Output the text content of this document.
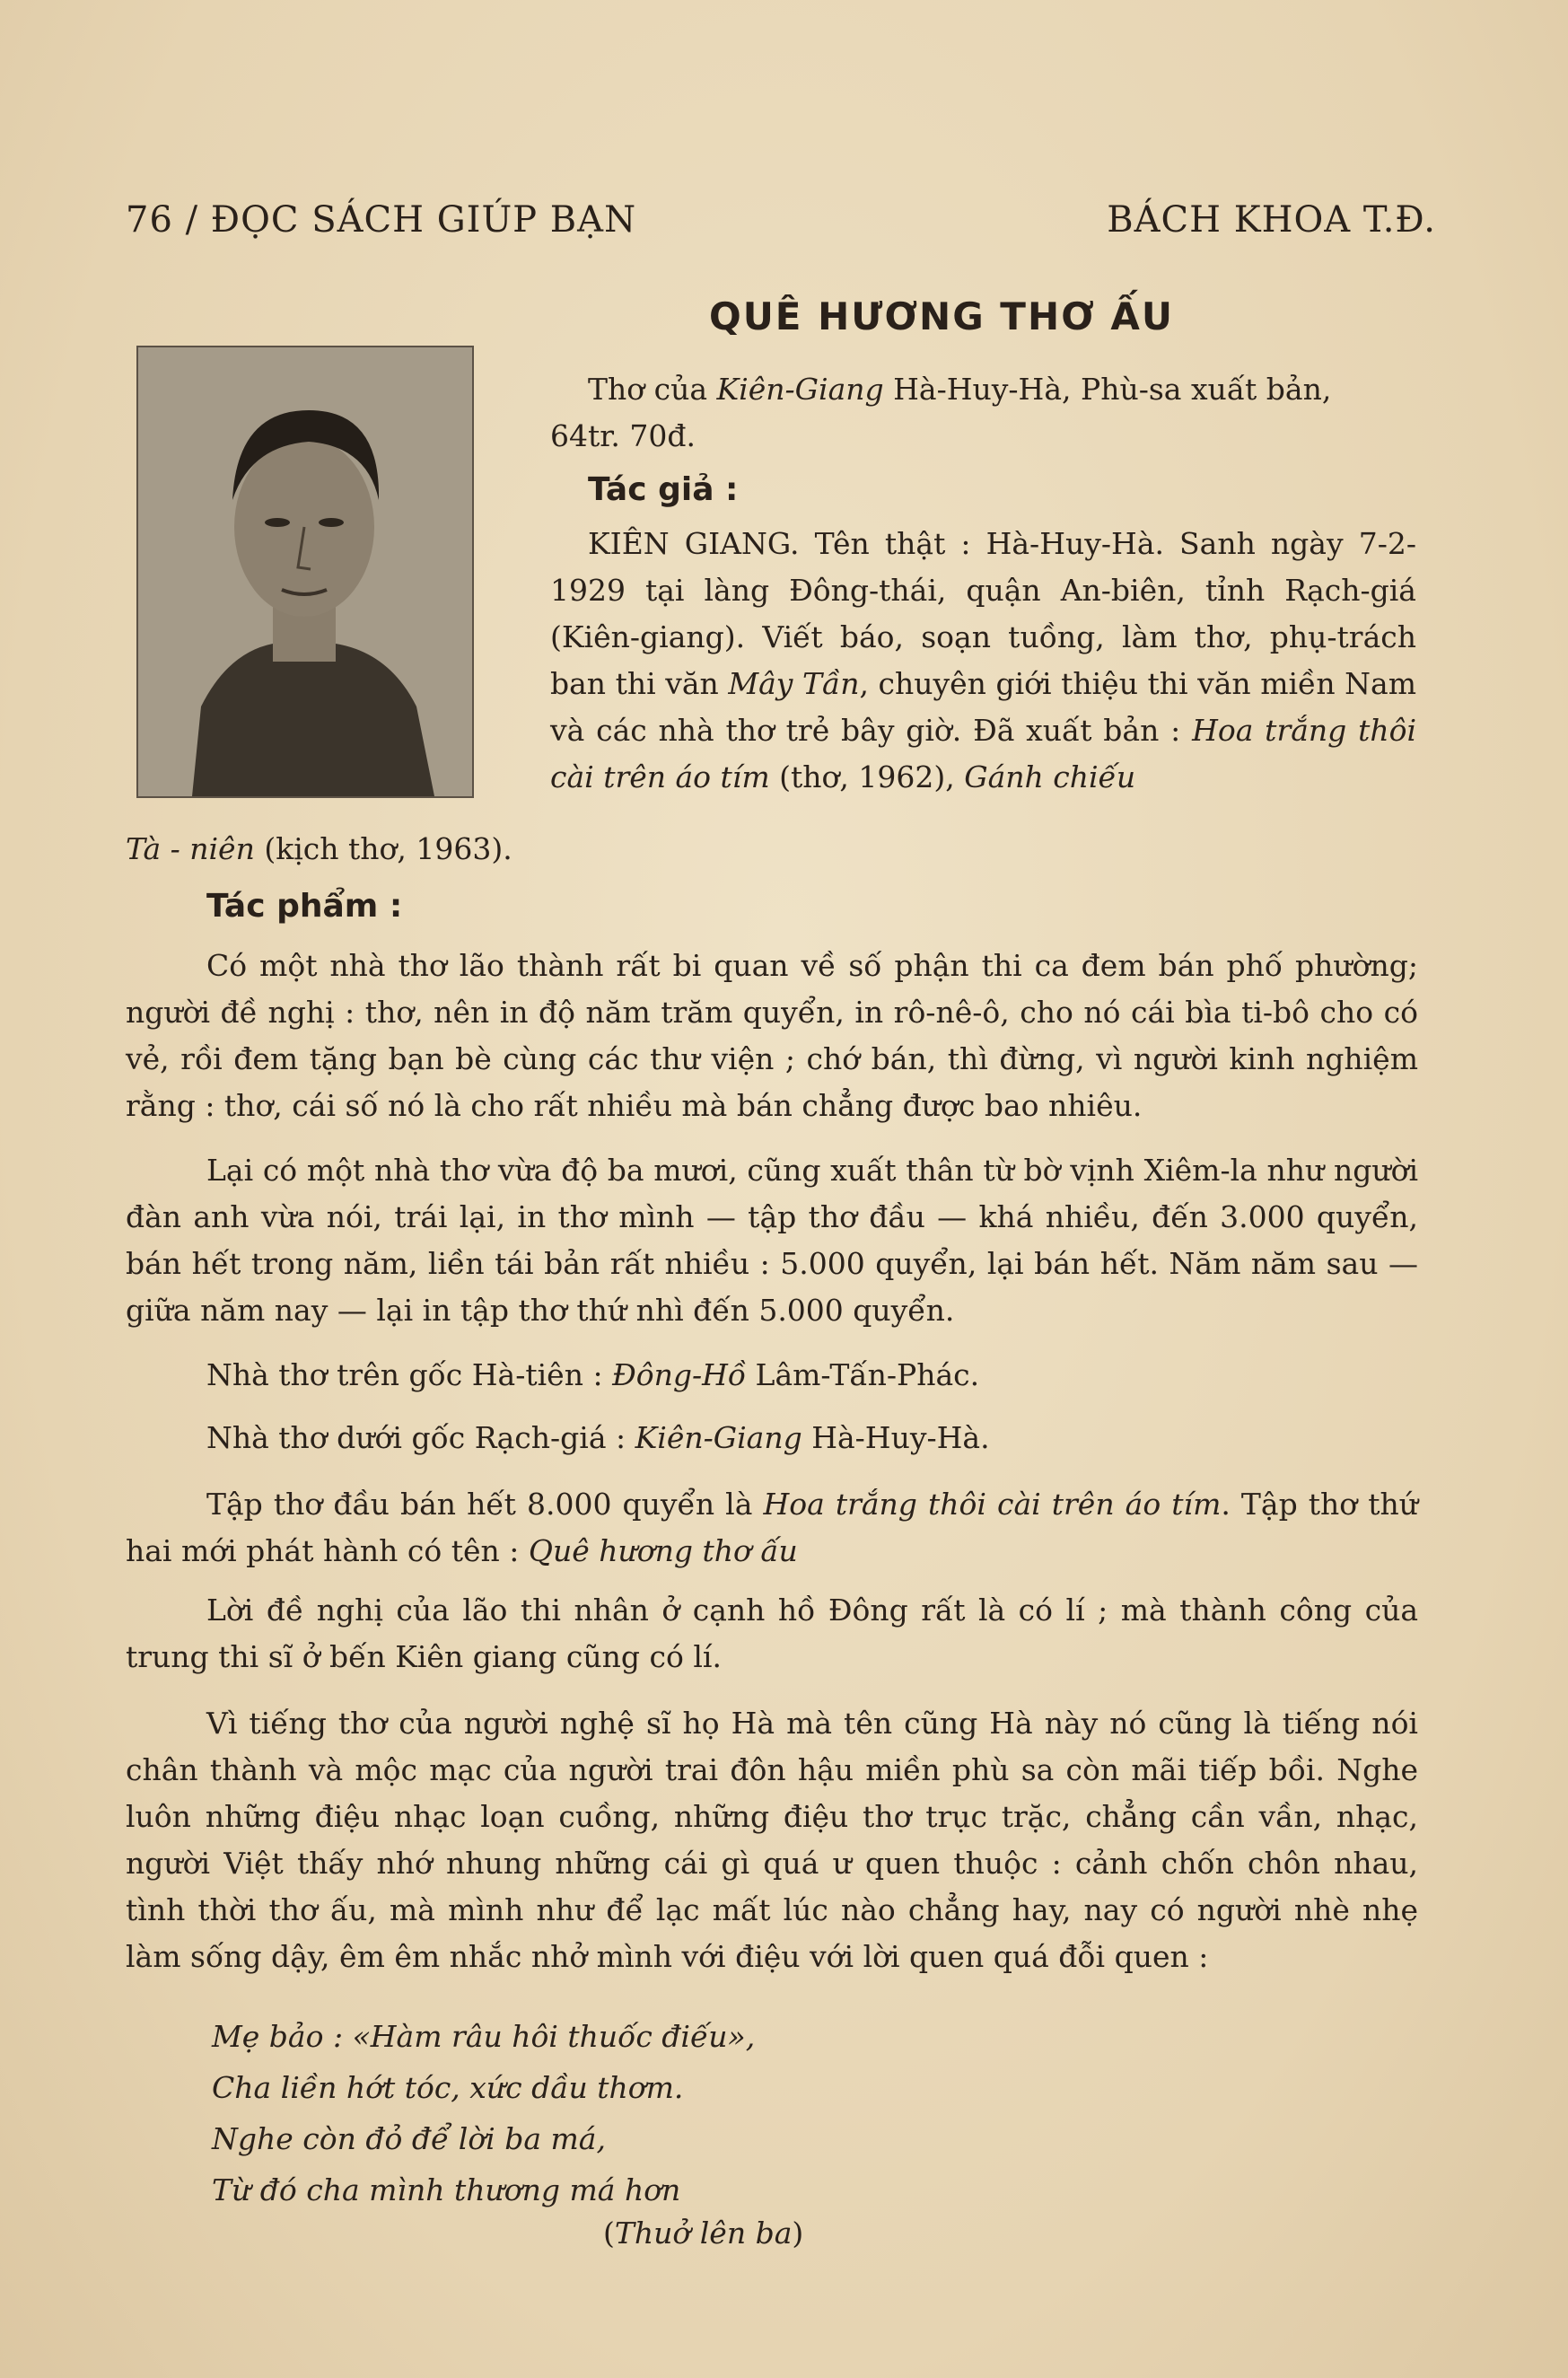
76 / ĐỌC SÁCH GIÚP BẠN	BÁCH KHOA T.Đ.
QUÊ HƯƠNG THƠ ẤU

Thơ của Kiên-Giang Hà-Huy-Hà, Phù-sa xuất bản,

64tr. 70đ.

Tác giả :

KIÊN GIANG. Tên thật : Hà-Huy-Hà. Sanh ngày 7-2-1929 tại làng Đông-thái, quận An-biên, tỉnh Rạch-giá (Kiên-giang). Viết báo, soạn tuồng, làm thơ, phụ-trách ban thi văn Mây Tần, chuyên giới thiệu thi văn miền Nam và các nhà thơ trẻ bây giờ. Đã xuất bản : Hoa trắng thôi cài trên áo tím (thơ, 1962), Gánh chiếu

Tà - niên (kịch thơ, 1963).

Tác phẩm :

Có một nhà thơ lão thành rất bi quan về số phận thi ca đem bán phố phường; người đề nghị : thơ, nên in độ năm trăm quyển, in rô-nê-ô, cho nó cái bìa ti-bô cho có vẻ, rồi đem tặng bạn bè cùng các thư viện ; chớ bán, thì đừng, vì người kinh nghiệm rằng : thơ, cái số nó là cho rất nhiều mà bán chẳng được bao nhiêu.

Lại có một nhà thơ vừa độ ba mươi, cũng xuất thân từ bờ vịnh Xiêm-la như người đàn anh vừa nói, trái lại, in thơ mình — tập thơ đầu — khá nhiều, đến 3.000 quyển, bán hết trong năm, liền tái bản rất nhiều : 5.000 quyển, lại bán hết. Năm năm sau — giữa năm nay — lại in tập thơ thứ nhì đến 5.000 quyển.

Nhà thơ trên gốc Hà-tiên : Đông-Hồ Lâm-Tấn-Phác.

Nhà thơ dưới gốc Rạch-giá : Kiên-Giang Hà-Huy-Hà.

Tập thơ đầu bán hết 8.000 quyển là Hoa trắng thôi cài trên áo tím. Tập thơ thứ hai mới phát hành có tên : Quê hương thơ ấu

Lời đề nghị của lão thi nhân ở cạnh hồ Đông rất là có lí ; mà thành công của trung thi sĩ ở bến Kiên giang cũng có lí.

Vì tiếng thơ của người nghệ sĩ họ Hà mà tên cũng Hà này nó cũng là tiếng nói chân thành và mộc mạc của người trai đôn hậu miền phù sa còn mãi tiếp bồi. Nghe luôn những điệu nhạc loạn cuồng, những điệu thơ trục trặc, chẳng cần vần, nhạc, người Việt thấy nhớ nhung những cái gì quá ư quen thuộc : cảnh chốn chôn nhau, tình thời thơ ấu, mà mình như để lạc mất lúc nào chẳng hay, nay có người nhè nhẹ làm sống dậy, êm êm nhắc nhở mình với điệu với lời quen quá đỗi quen :

Mẹ bảo : «Hàm râu hôi thuốc điếu»,
Cha liền hớt tóc, xức dầu thơm.
Nghe còn đỏ để lời ba má,
Từ đó cha mình thương má hơn
(Thuở lên ba)
